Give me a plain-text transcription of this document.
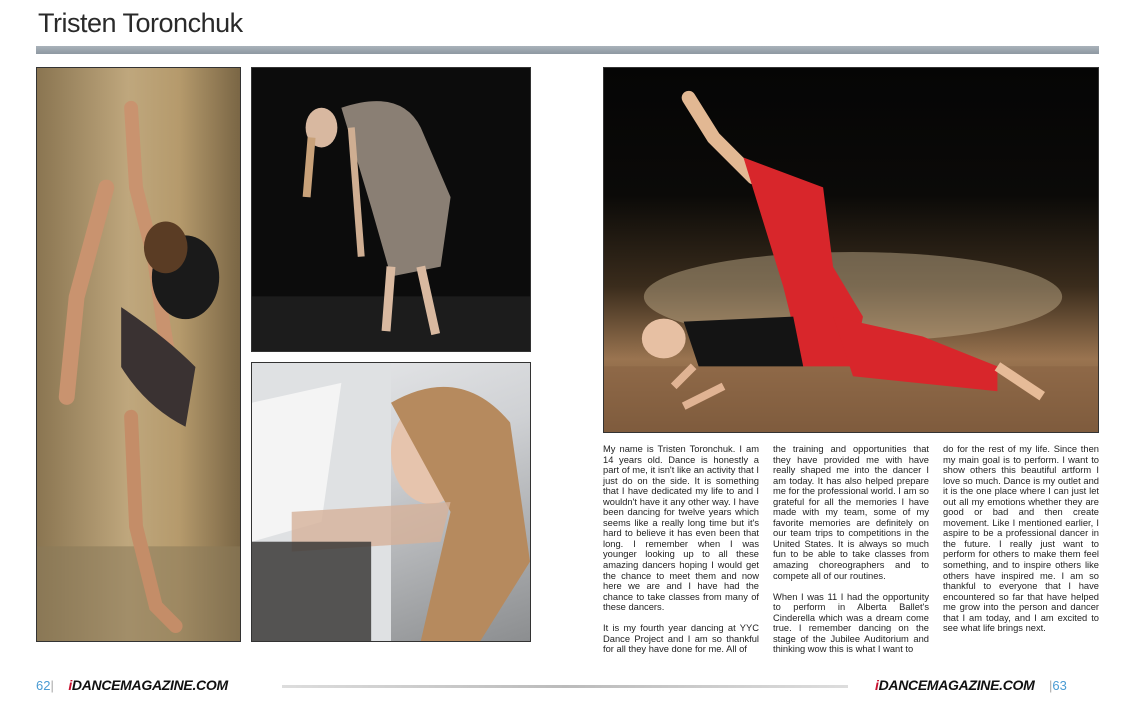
Tristen Toronchuk

My name is Tristen Toronchuk. I am 14 years old. Dance is honestly a part of me, it isn't like an activity that I just do on the side. It is something that I have dedicated my life to and I wouldn't have it any other way. I have been dancing for twelve years which seems like a really long time but it's hard to believe it has even been that long. I remember when I was younger looking up to all these amazing dancers hoping I would get the chance to meet them and now here we are and I have had the chance to take classes from many of these dancers.

It is my fourth year dancing at YYC Dance Project and I am so thankful for all they have done for me. All of

the training and opportunities that they have provided me with have really shaped me into the dancer I am today. It has also helped prepare me for the professional world. I am so grateful for all the memories I have made with my team, some of my favorite memories are definitely on our team trips to competitions in the United States. It is always so much fun to be able to take classes from amazing choreographers and to compete all of our routines.

When I was 11 I had the opportunity to perform in Alberta Ballet's Cinderella which was a dream come true. I remember dancing on the stage of the Jubilee Auditorium and thinking wow this is what I want to

do for the rest of my life. Since then my main goal is to perform. I want to show others this beautiful artform I love so much. Dance is my outlet and it is the one place where I can just let out all my emotions whether they are good or bad and then create movement. Like I mentioned earlier, I aspire to be a professional dancer in the future. I really just want to perform for others to make them feel something, and to inspire others like others have inspired me. I am so thankful to everyone that I have encountered so far that have helped me grow into the person and dancer that I am today, and I am excited to see what life brings next.

62| iDANCEMAGAZINE.COM	iDANCEMAGAZINE.COM |63
